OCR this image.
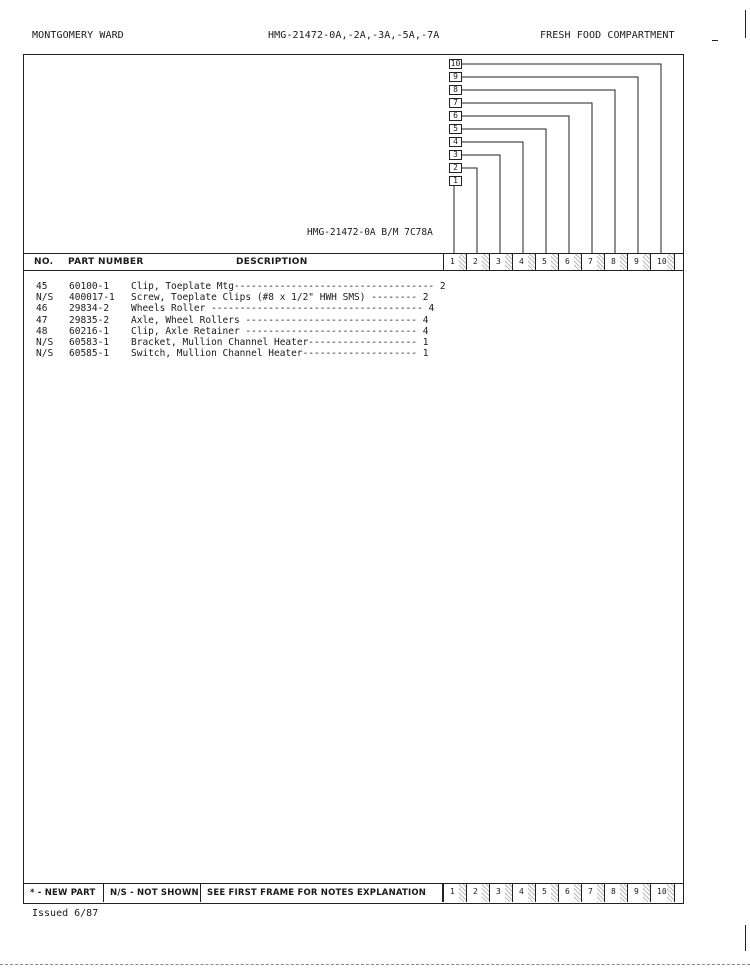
MONTGOMERY WARD	HMG-21472-0A,-2A,-3A,-5A,-7A	FRESH FOOD COMPARTMENT
HMG-21472-0A B/M 7C78A
10
9
8
7
6
5
4
3
2
1
NO. PART NUMBER	DESCRIPTION	1 2 3 4 5 6 7 8 9 10
45 60100-1 Clip, Toeplate Mtg----------------------------------- 2
N/S 400017-1 Screw, Toeplate Clips (#8 x 1/2" HWH SMS) -------- 2
46 29834-2 Wheels Roller ------------------------------------- 4
47 29835-2 Axle, Wheel Rollers ------------------------------ 4
48 60216-1 Clip, Axle Retainer ------------------------------ 4
N/S 60583-1 Bracket, Mullion Channel Heater------------------- 1
N/S 60585-1 Switch, Mullion Channel Heater-------------------- 1
* - NEW PART	N/S - NOT SHOWN SEE FIRST FRAME FOR NOTES EXPLANATION	1 2 3 4 5 6 7 8 9 10
Issued 6/87
